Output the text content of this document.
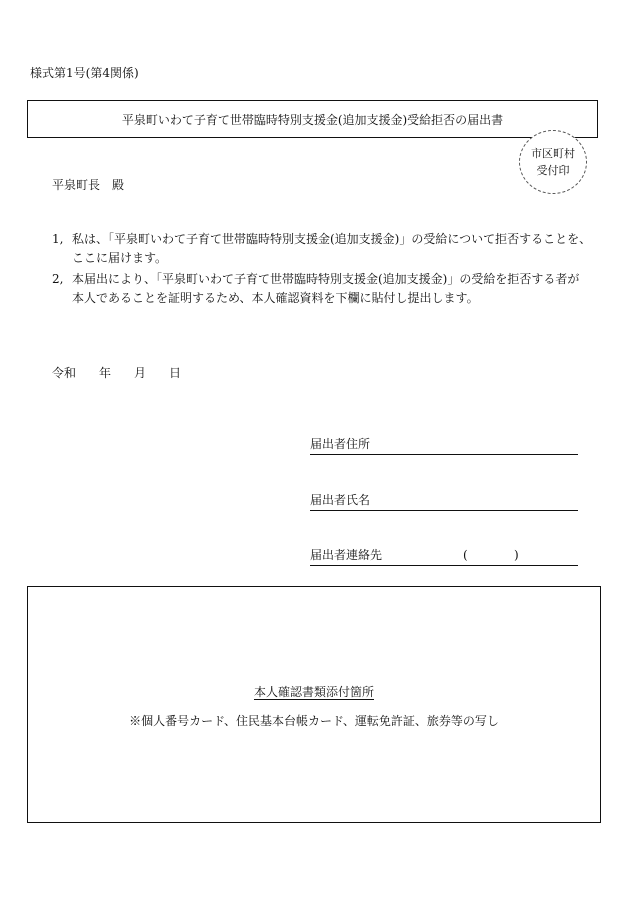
様式第1号(第4関係)
平泉町いわて子育て世帯臨時特別支援金(追加支援金)受給拒否の届出書
市区町村
受付印
平泉町長　殿
1, 私は、「平泉町いわて子育て世帯臨時特別支援金(追加支援金)」の受給について拒否することを、
ここに届けます。
2, 本届出により、「平泉町いわて子育て世帯臨時特別支援金(追加支援金)」の受給を拒否する者が
本人であることを証明するため、本人確認資料を下欄に貼付し提出します。
令和	年	月	日
届出者住所
届出者氏名
届出者連絡先	(	)
本人確認書類添付箇所
※個人番号カード、住民基本台帳カード、運転免許証、旅券等の写し
